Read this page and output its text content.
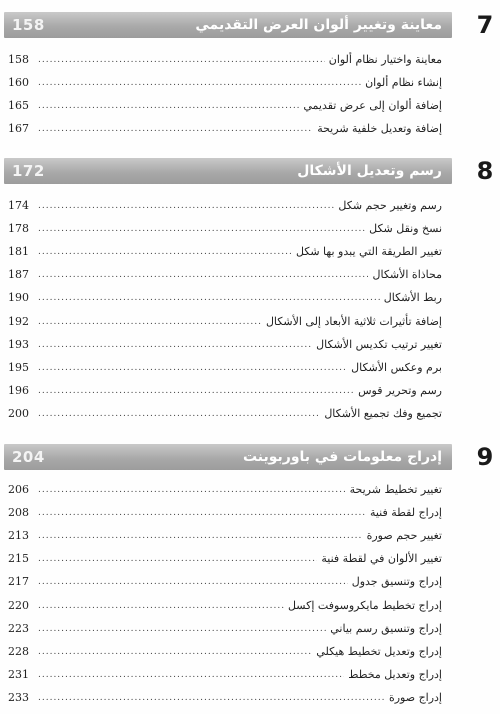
7
158	معاينة وتغيير ألوان العرض التقديمي
158 .....	معاينة واختيار نظام ألوان
160 .....	إنشاء نظام ألوان
165 .....	إضافة ألوان إلى عرض تقديمي
167 .....	إضافة وتعديل خلفية شريحة
8
172	رسم وتعديل الأشكال
174 .....	رسم وتغيير حجم شكل
178 .....	نسخ ونقل شكل
181 .....	تغيير الطريقة التي يبدو بها شكل
187 .....	محاذاة الأشكال
190 .....	ربط الأشكال
192 .....	إضافة تأثيرات ثلاثية الأبعاد إلى الأشكال
193 .....	تغيير ترتيب تكديس الأشكال
195 .....	برم وعكس الأشكال
196 .....	رسم وتحرير قوس
200 .....	تجميع وفك تجميع الأشكال
9
204	إدراج معلومات في باوربوينت
206 .....	تغيير تخطيط شريحة
208 .....	إدراج لقطة فنية
213 .....	تغيير حجم صورة
215 .....	تغيير الألوان في لقطة فنية
217 .....	إدراج وتنسيق جدول
220 .....	إدراج تخطيط مايكروسوفت إكسل
223 .....	إدراج وتنسيق رسم بياني
228 .....	إدراج وتعديل تخطيط هيكلي
231 .....	إدراج وتعديل مخطط
233 .....	إدراج صورة
